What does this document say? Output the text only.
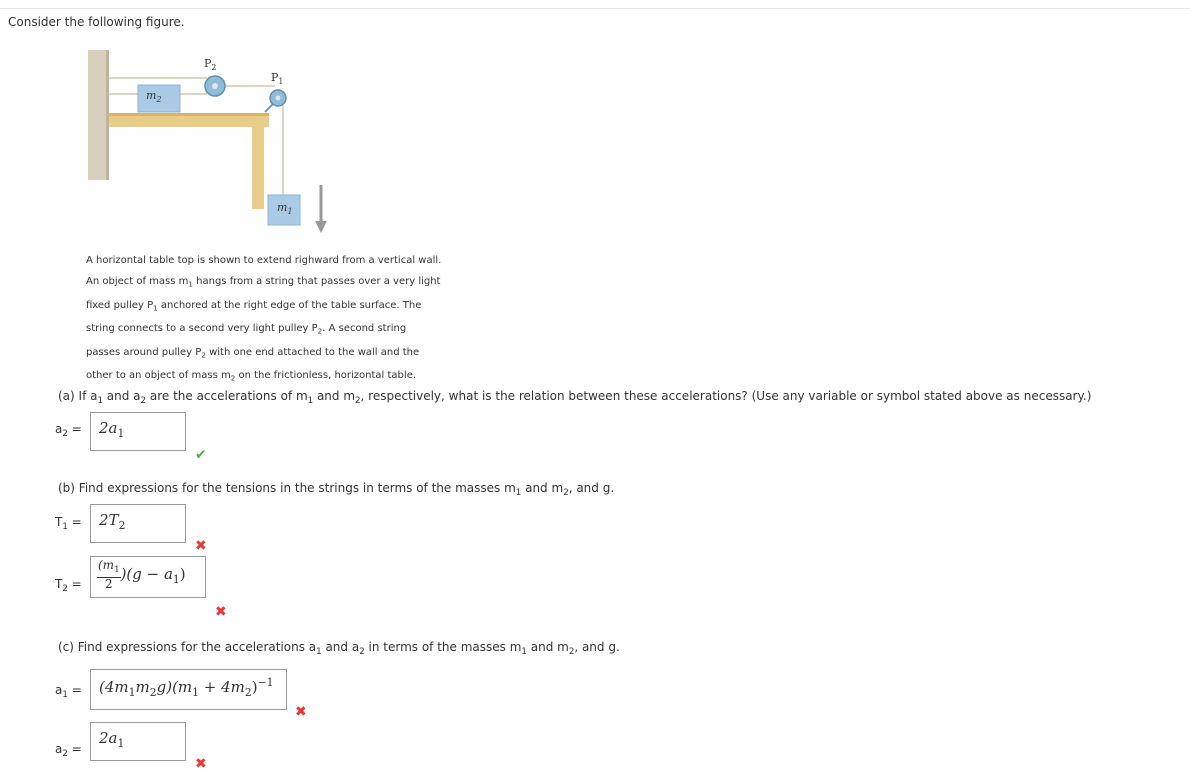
Consider the following figure.
$P_2$
$P_1$
$m_2$
$m_1$
A horizontal table top is shown to extend righward from a vertical wall.
An object of mass $m_1$ hangs from a string that passes over a very light
fixed pulley $P_1$ anchored at the right edge of the table surface. The
string connects to a second very light pulley $P_2$. A second string
passes around pulley $P_2$ with one end attached to the wall and the
other to an object of mass $m_2$ on the frictionless, horizontal table.
(a) If $a_1$ and $a_2$ are the accelerations of $m_1$ and $m_2$, respectively, what is the relation between these accelerations? (Use any variable or symbol stated above as necessary.)
$a_2$ =	$2a_1$
✔
(b) Find expressions for the tensions in the strings in terms of the masses $m_1$ and $m_2$, and g.
$T_1$ =	$2T_2$
✖
$T_2 = \frac{(m_1}{2} )(g - a_1)$
✖
(c) Find expressions for the accelerations $a_1$ and $a_2$ in terms of the masses $m_1$ and $m_2$, and g.
$a_1$ =	$(4m_1m_2g)(m_1 + 4m_2)^{-1}$
✖
$a_2$ =
$2a_1$
✖
